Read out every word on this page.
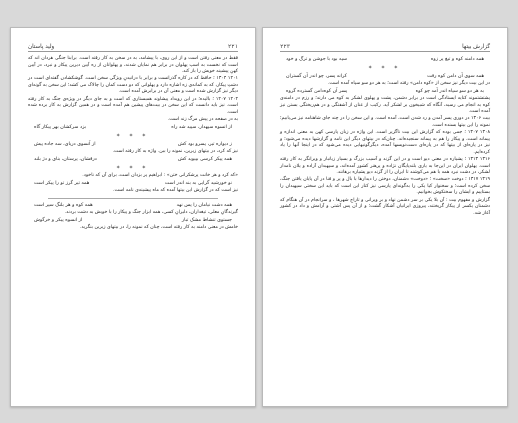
۲۲۱
ولید پاستان

فقط در معنی رفتن است و از این روی، با پیشامد، به در سخن به کار رفته است. برابنا جنگی هردان اند که است که نخست به اسپ پهلوان در برابر هم نمایان شدند، و پهلوانان از ره آیین دیرین پیکار و نبرد، در آیین کهنِ پیشینه خویش را باز کند.

۱۴۰۱ ۱۳۰۴ ؛ حافظ که در کاره گذرانست و برابر با درانیدنِ ویژگی سخن است. گوشکشادن گفته‌ای است در دشتِ پیکار، که به کمانه‌ی زه اشاره دارد و پهلوانی که دو دست کمان را چالاک می کشد؛ این سخن به گونه‌ای دیگر نیز گزارش شده است و معنی آن در برابرش آمده است.

۱۴۰۲ ۱۴۰۷ ؛ بالیده؛ در این رویداد پیشاوند همبستاری که است و به جای دیگر در ویژه‌ی جنگ به کار رفته است. نیز باید دانست که این سخن در بیت‌های پیشین هم آمده است و در همین گزارش به کار برده شده است.

به در صفحه در پیش مرگ زند است.

از انسوه سپهدار، سپید شد راه
بزد سرکشان بهر پیکار گاه
* * *
ز دیواره تیر، پسرو بود کش
از آنسوی دریای، سه جاده پیش

نیز که کرد، در بیتهای زیرین، نمونه را ببن. واژه به کار رفته است.

همه پیکر کرسی بپیوید کش
درفشان، پرستان، بنای و دژ بلند
* * *

«که کرد و هر خانت پرشکرانی ختن» : ابراهیم پر بزدان است، برای آن که ناخود.

نو خورشید گرایی به بند اندر است
همه تیر گرز تو را پیکر است

نیز است که در گزارش این بیتها آمده که ماه پیشینه‌ی نامه است.

همه دشت نیامان را پس نهد
همه کوه و هر بلنگ سپر است

گیرندگانِ معلی، تیغداران، دلیرانِ کسی، همه ابزار جنگ و پیکار را با خویش به دشت بردند.

جستوی تنشاط مشک تبار
از انسوه پیکر و خرگوش

خامش در معنی دامنه به کار رفته است، چنان که نمونه را، در بیتهای زیرین بنگرید.

گزارش بیتها
۲۲۳
همه دامنه کوه و تیغ پر زوه
سپه بود با جوشن و ترگ و خود
* * *
همه سوی آن دامن کوه رفت
کرانه پسر، چو اندر آن گستران

در این بیت دیگر نیز سخن از «کوه دامن» رفته است؛ به هر دو سو سپاه آمده است.

به هر دو سو سپاه اندر آمد چو کوه
پسر آن کوه‌دامن گسترده گروه

پشتشتموند کنایه ایستادگی است در برابر دشمن، پشت و پهلوی لشکر به کوه می دارند؛ و رزم در دامنه‌ی کوه به انجام می رسید، آنگاه که شبیخون بر لشکر آید. رکیب از عنان از آشفتگی و در هم‌ریختگی بستن نیز آمده است.

بیت ۱۳۰۶ در دوری پسر آمدن و رد شدن است، آمده است. و این سخن را در چند جای شاهنامه نیز می‌یابیم؛ نمونه را این بیتها بسنده است.

۱۳۰۸ ۱۳۰۷ ؛ جمی بوده که گزارش این بیت ناگزیر است. این واژه در زبان پارسی کهن به معنی اندازه و پیمانه است، و پیکار را هم به پیمانه سنجیده‌اند. چنان‌که در بیتهای دیگر این نامه و گزارشها دیده می‌شود؛ و نیز در پاره‌ای از بیتها که در پاره‌ای دست‌نویسها آمده، دیگرگونیهایی دیده می‌شود که در اینجا آنها را یاد کرده‌ایم.

۱۳۱۶ ۱۳۱۳ ؛ پشیاره در معنی دیو است و در این گزند و آسیب بزرگ و بسیار زیانبار و ویرانگر به کار رفته است. پهلوان ایران در این‌جا به یاری بلندپایگان نژاده و پرهنر کشور آمده‌اند، و سپهبدان آزاده و یلان نامدار لشکر، در دشت نبرد همه با هم می‌کوشند تا ایران را از گزند دیو پشیاره برهانند.

۱۳۱۹ ۱۳۱۷ ؛ دوخت «سخت» ؛ «دوخت» دشمنان، دوختن را دیدارها با بال و پر و فنا در آن پایان یافتن جنگ، سخن کرده است؛ و سخنوار کیا یکی را به‌گونه‌ای پارسی نیز کنار این است که باید این سختی سپهبدان را بستاییم و ایشان را سختکوش بخوانیم.

گزارش و مفهوم بیت : آن بلا یکی بر سر دشمن نهاد و بر ویرانی و تاراج شهرها ، و سرانجام در آن هنگام که دشمنان یکسر از پیکار گریختند، پیروزی ایرانیان آشکار گشت؛ و از آن پس آشتی و آرامش و داد در کشور آغاز شد.
